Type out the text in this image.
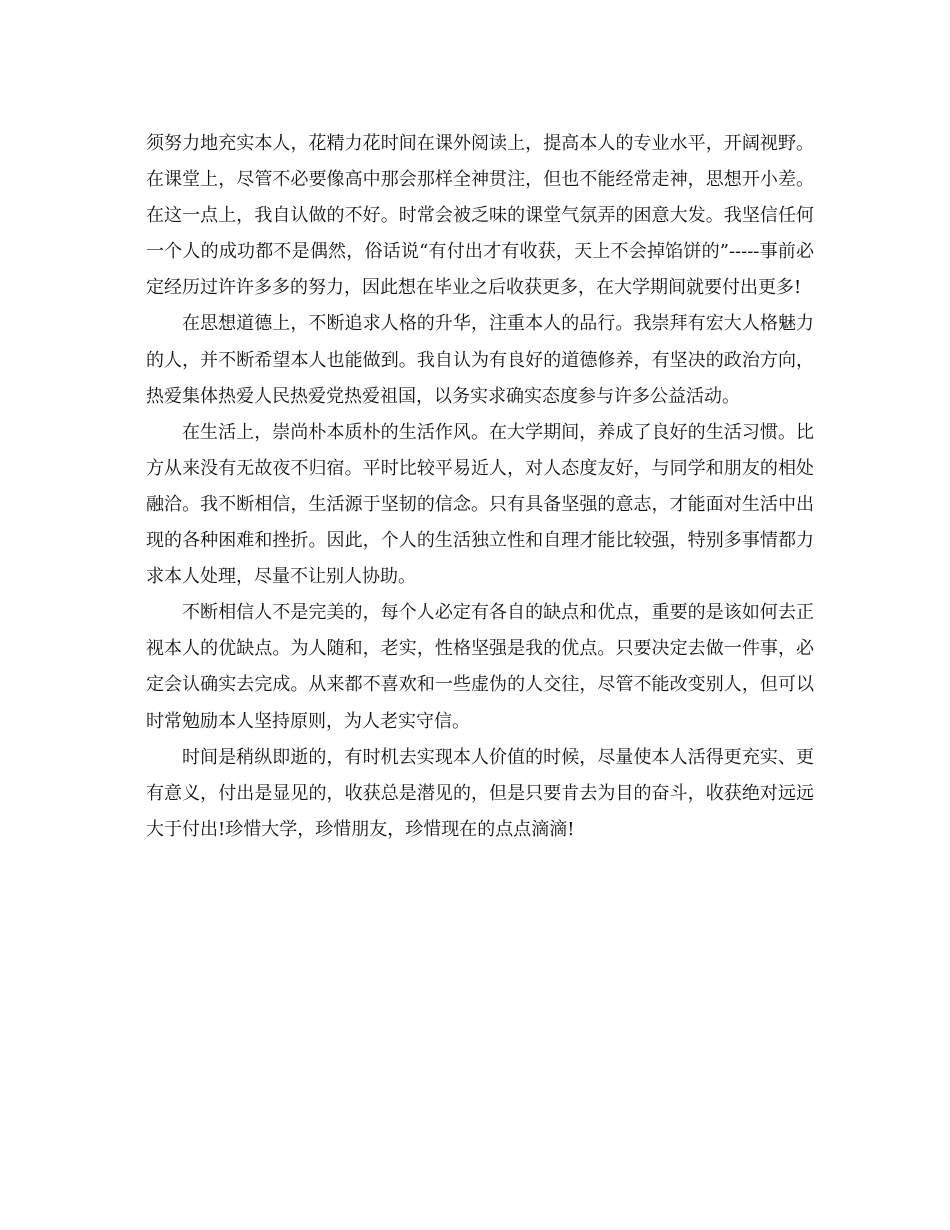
须努力地充实本人，花精力花时间在课外阅读上，提高本人的专业水平，开阔视野。在课堂上，尽管不必要像高中那会那样全神贯注，但也不能经常走神，思想开小差。在这一点上，我自认做的不好。时常会被乏味的课堂气氛弄的困意大发。我坚信任何一个人的成功都不是偶然，俗话说“有付出才有收获，天上不会掉馅饼的”-----事前必定经历过许许多多的努力，因此想在毕业之后收获更多，在大学期间就要付出更多!

在思想道德上，不断追求人格的升华，注重本人的品行。我崇拜有宏大人格魅力的人，并不断希望本人也能做到。我自认为有良好的道德修养，有坚决的政治方向，热爱集体热爱人民热爱党热爱祖国，以务实求确实态度参与许多公益活动。

在生活上，崇尚朴本质朴的生活作风。在大学期间，养成了良好的生活习惯。比方从来没有无故夜不归宿。平时比较平易近人，对人态度友好，与同学和朋友的相处融洽。我不断相信，生活源于坚韧的信念。只有具备坚强的意志，才能面对生活中出现的各种困难和挫折。因此，个人的生活独立性和自理才能比较强，特别多事情都力求本人处理，尽量不让别人协助。

不断相信人不是完美的，每个人必定有各自的缺点和优点，重要的是该如何去正视本人的优缺点。为人随和，老实，性格坚强是我的优点。只要决定去做一件事，必定会认确实去完成。从来都不喜欢和一些虚伪的人交往，尽管不能改变别人，但可以时常勉励本人坚持原则，为人老实守信。

时间是稍纵即逝的，有时机去实现本人价值的时候，尽量使本人活得更充实、更有意义，付出是显见的，收获总是潜见的，但是只要肯去为目的奋斗，收获绝对远远大于付出!珍惜大学，珍惜朋友，珍惜现在的点点滴滴!
